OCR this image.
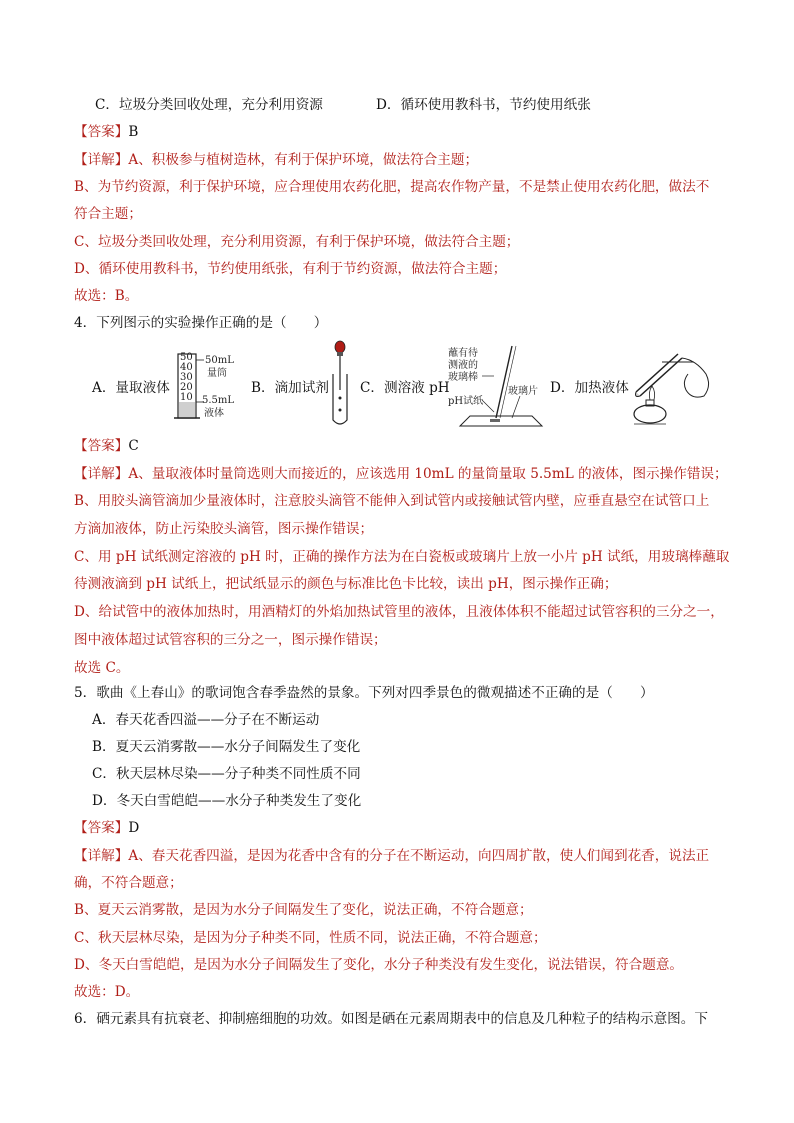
C．垃圾分类回收处理，充分利用资源	D．循环使用教科书，节约使用纸张
【答案】B
【详解】A、积极参与植树造林，有利于保护环境，做法符合主题；
B、为节约资源，利于保护环境，应合理使用农药化肥，提高农作物产量，不是禁止使用农药化肥，做法不
符合主题；
C、垃圾分类回收处理，充分利用资源，有利于保护环境，做法符合主题；
D、循环使用教科书，节约使用纸张，有利于节约资源，做法符合主题；
故选：B。
4．下列图示的实验操作正确的是（　　）
A．量取液体
50
40
30
20
10
50mL
量筒
5.5mL
液体
B．滴加试剂 C．测溶液 pH
蘸有待
测液的
玻璃棒
pH试纸
玻璃片 D．加热液体
【答案】C
【详解】A、量取液体时量筒选则大而接近的，应该选用 10mL 的量筒量取 5.5mL 的液体，图示操作错误；
B、用胶头滴管滴加少量液体时，注意胶头滴管不能伸入到试管内或接触试管内壁，应垂直悬空在试管口上
方滴加液体，防止污染胶头滴管，图示操作错误；
C、用 pH 试纸测定溶液的 pH 时，正确的操作方法为在白瓷板或玻璃片上放一小片 pH 试纸，用玻璃棒蘸取
待测液滴到 pH 试纸上，把试纸显示的颜色与标准比色卡比较，读出 pH，图示操作正确；
D、给试管中的液体加热时，用酒精灯的外焰加热试管里的液体，且液体体积不能超过试管容积的三分之一，
图中液体超过试管容积的三分之一，图示操作错误；
故选 C。
5．歌曲《上春山》的歌词饱含春季盎然的景象。下列对四季景色的微观描述不正确的是（　　）
A．春天花香四溢——分子在不断运动
B．夏天云消雾散——水分子间隔发生了变化
C．秋天层林尽染——分子种类不同性质不同
D．冬天白雪皑皑——水分子种类发生了变化
【答案】D
【详解】A、春天花香四溢，是因为花香中含有的分子在不断运动，向四周扩散，使人们闻到花香，说法正
确，不符合题意；
B、夏天云消雾散，是因为水分子间隔发生了变化，说法正确，不符合题意；
C、秋天层林尽染，是因为分子种类不同，性质不同，说法正确，不符合题意；
D、冬天白雪皑皑，是因为水分子间隔发生了变化，水分子种类没有发生变化，说法错误，符合题意。
故选：D。
6．硒元素具有抗衰老、抑制癌细胞的功效。如图是硒在元素周期表中的信息及几种粒子的结构示意图。下
